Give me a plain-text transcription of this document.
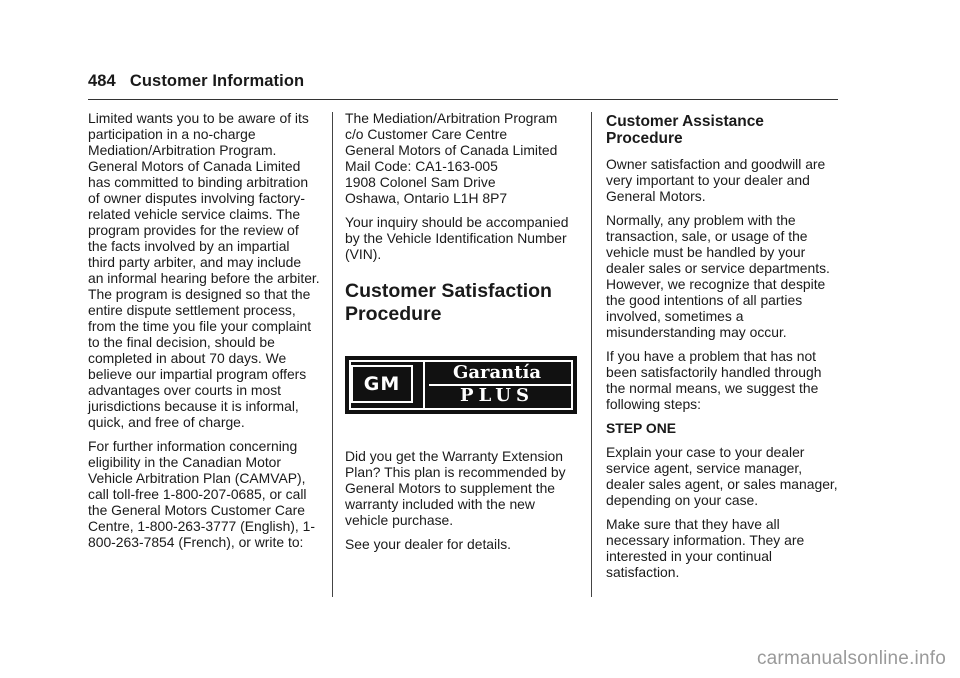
484 Customer Information

Limited wants you to be aware of its participation in a no-charge Mediation/Arbitration Program. General Motors of Canada Limited has committed to binding arbitration of owner disputes involving factory-related vehicle service claims. The program provides for the review of the facts involved by an impartial third party arbiter, and may include an informal hearing before the arbiter. The program is designed so that the entire dispute settlement process, from the time you file your complaint to the final decision, should be completed in about 70 days. We believe our impartial program offers advantages over courts in most jurisdictions because it is informal, quick, and free of charge.

For further information concerning eligibility in the Canadian Motor Vehicle Arbitration Plan (CAMVAP), call toll-free 1-800-207-0685, or call the General Motors Customer Care Centre, 1-800-263-3777 (English), 1-800-263-7854 (French), or write to:

The Mediation/Arbitration Program
c/o Customer Care Centre
General Motors of Canada Limited
Mail Code: CA1-163-005
1908 Colonel Sam Drive
Oshawa, Ontario L1H 8P7

Your inquiry should be accompanied by the Vehicle Identification Number (VIN).

Customer Satisfaction Procedure
GM
Garantía
PLUS

Did you get the Warranty Extension Plan? This plan is recommended by General Motors to supplement the warranty included with the new vehicle purchase.

See your dealer for details.

Customer Assistance Procedure

Owner satisfaction and goodwill are very important to your dealer and General Motors.

Normally, any problem with the transaction, sale, or usage of the vehicle must be handled by your dealer sales or service departments. However, we recognize that despite the good intentions of all parties involved, sometimes a misunderstanding may occur.

If you have a problem that has not been satisfactorily handled through the normal means, we suggest the following steps:

STEP ONE

Explain your case to your dealer service agent, service manager, dealer sales agent, or sales manager, depending on your case.

Make sure that they have all necessary information. They are interested in your continual satisfaction.

carmanualsonline.info
